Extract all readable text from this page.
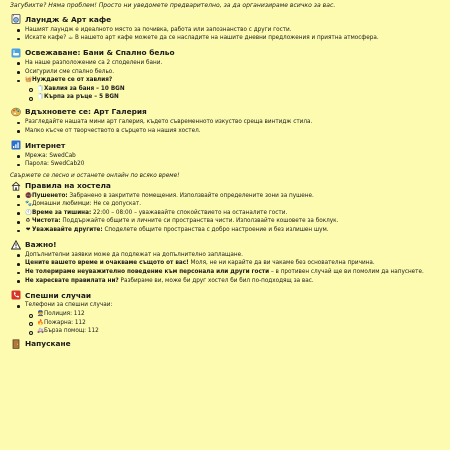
Загубихте? Няма проблем! Просто ни уведомете предварително, за да организираме всичко за вас.

Лаундж & Арт кафе
Нашият лаундж е идеалното място за почивка, работа или запознанство с други гости.
Искате кафе? ☕ В нашето арт кафе можете да се насладите на нашите дневни предложения и приятна атмосфера.
Освежаване: Бани & Спално бельо
На наше разположение са 2 споделени бани.
Осигурили сме спално бельо.
🧺Нуждаете се от хавлия?
🧻Хавлия за баня – 10 BGN
🧻Кърпа за ръце – 5 BGN
Вдъхновете се: Арт Галерия
Разгледайте нашата мини арт галерия, където съвременното изкуство среща винтидж стила.
Малко късче от творчеството в сърцето на нашия хостел.
Интернет
Мрежа: SwedCab
Парола: SwedCab20

Свържете се лесно и останете онлайн по всяко време!

Правила на хостела
🚭Пушенето: Забранено в закритите помещения. Използвайте определените зони за пушене.
🐾Домашни любимци: Не се допускат.
🕙Време за тишина: 22:00 – 08:00 – уважавайте спокойствието на останалите гости.
♻ Чистота: Поддържайте общите и личните си пространства чисти. Използвайте кошовете за боклук.
❤ Уважавайте другите: Споделете общите пространства с добро настроение и без излишен шум.
Важно!
Допълнителни заявки може да подлежат на допълнително заплащане.
Цените вашето време и очакваме същото от вас! Моля, не ни карайте да ви чакаме без основателна причина.
Не толерираме неуважително поведение към персонала или други гости – в противен случай ще ви помолим да напуснете.
Не харесвате правилата ни? Разбираме ви, може би друг хостел би бил по-подходящ за вас.
Спешни случаи
Телефони за спешни случаи:
👮Полиция: 112
🔥Пожарна: 112
🚑Бърза помощ: 112
Напускане
